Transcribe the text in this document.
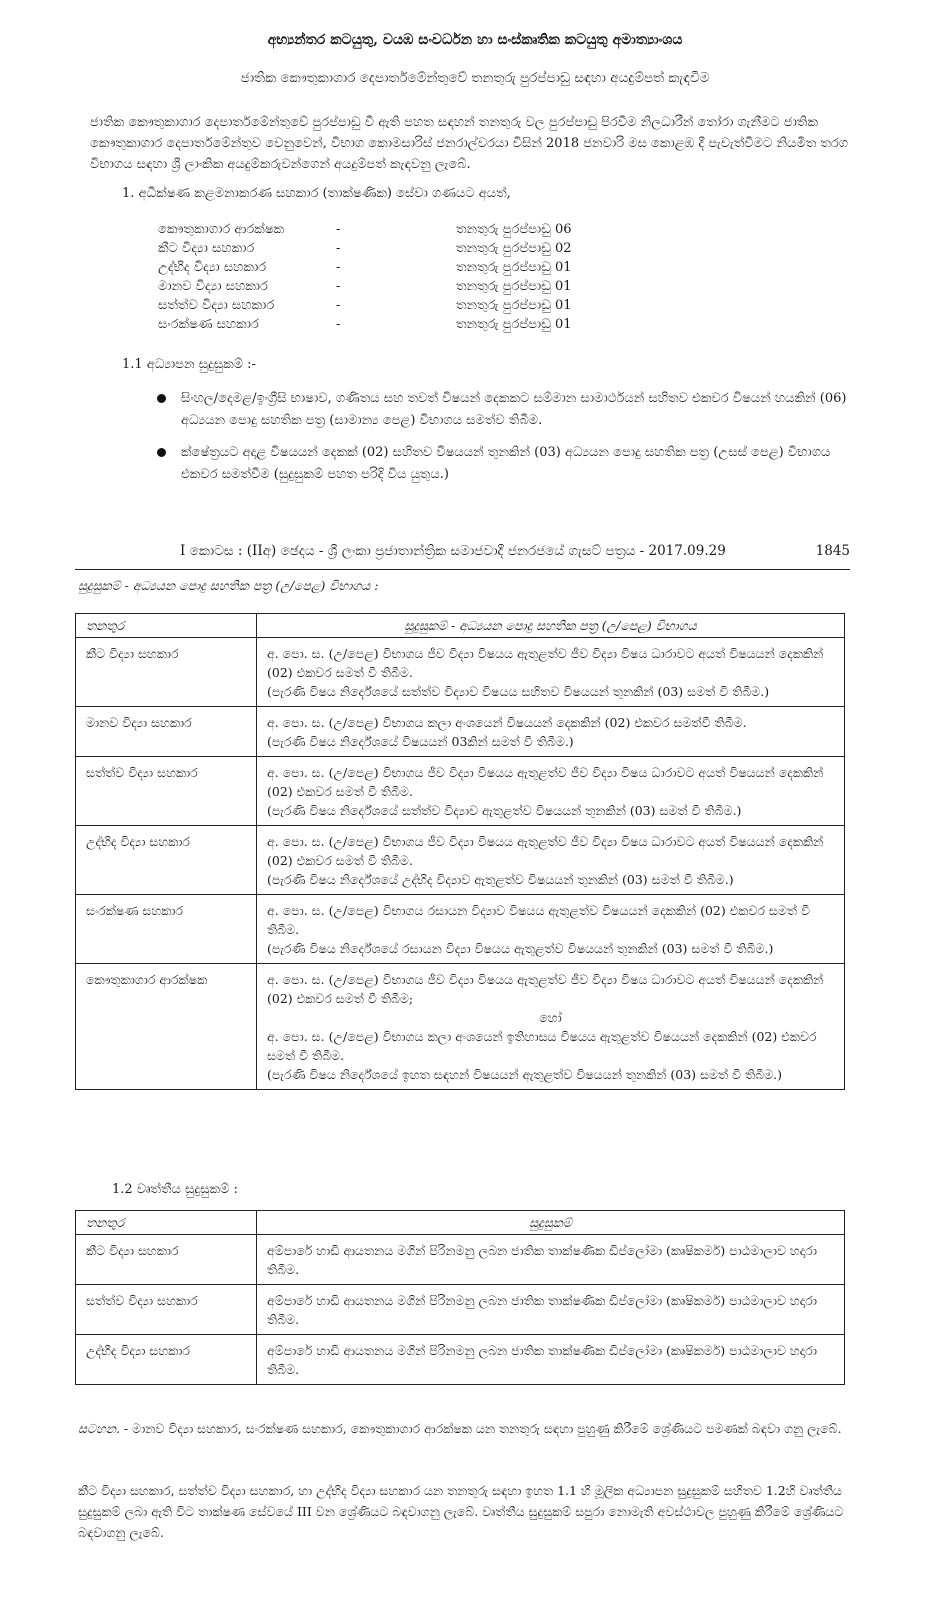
අභ්‍යන්තර කටයුතු, වයඹ සංවර්ධන හා සංස්කෘතික කටයුතු අමාත්‍යාංශය
ජාතික කෞතුකාගාර දෙපාර්තමේන්තුවේ තනතුරු පුරප්පාඩු සඳහා අයදුම්පත් කැඳවීම
ජාතික කෞතුකාගාර දෙපාර්තමේන්තුවේ පුරප්පාඩු වී ඇති පහත සඳහන් තනතුරු වල පුරප්පාඩු පිරවීම නිලධාරීන් තෝරා ගැනීමට ජාතික කෞතුකාගාර දෙපාර්තමේන්තුව වෙනුවෙන්, විභාග කොමසාරිස් ජනරාල්වරයා විසින් 2018 ජනවාරි මස කොළඹ දී පැවැත්වීමට නියමිත තරග විභාගය සඳහා ශ්‍රී ලාංකික අයදුම්කරුවන්ගෙන් අයදුම්පත් කැඳවනු ලැබේ.
1. අධීක්ෂණ කළමනාකරණ සහකාර (තාක්ෂණික) සේවා ගණයට අයත්,
කෞතුකාගාර ආරක්ෂක	-	තනතුරු පුරප්පාඩු 06
කීට විද්‍යා සහකාර	-	තනතුරු පුරප්පාඩු 02
උද්භිද විද්‍යා සහකාර	-	තනතුරු පුරප්පාඩු 01
මානව විද්‍යා සහකාර	-	තනතුරු පුරප්පාඩු 01
සත්ත්ව විද්‍යා සහකාර	-	තනතුරු පුරප්පාඩු 01
සංරක්ෂණ සහකාර	-	තනතුරු පුරප්පාඩු 01
1.1 අධ්‍යාපන සුදුසුකම් :-
සිංහල/දෙමළ/ඉංග්‍රීසි භාෂාව, ගණිතය සහ තවත් විෂයන් දෙකකට සම්මාන සාමාර්ථයන් සහිතව එකවර විෂයන් හයකින් (06) අධ්‍යයන පොදු සහතික පත්‍ර (සාමාන්‍ය පෙළ) විභාගය සමත්ව තිබීම.
ක්ෂේත්‍රයට අදාළ විෂයයන් දෙකක් (02) සහිතව විෂයයන් තුනකින් (03) අධ්‍යයන පොදු සහතික පත්‍ර (උසස් පෙළ) විභාගය එකවර සමත්වීම (සුදුසුකම් පහත පරිදි විය යුතුය.)
I කොටස : (IIඅ) ඡෙදය - ශ්‍රී ලංකා ප්‍රජාතාන්ත්‍රික සමාජවාදී ජනරජයේ ගැසට් පත්‍රය - 2017.09.29	1845
සුදුසුකම් - අධ්‍යයන පොදු සහතික පත්‍ර (උ/පෙළ) විභාගය :
තනතුර	සුදුසුකම් - අධ්‍යයන පොදු සහතික පත්‍ර (උ/පෙළ) විභාගය
කීට විද්‍යා සහකාර	අ. පො. ස. (උ/පෙළ) විභාගය ජීව විද්‍යා විෂයය ඇතුළත්ව ජීව විද්‍යා විෂය ධාරාවට අයත් විෂයයන් දෙකකින් (02) එකවර සමත් වී තිබීම.
(පැරණි විෂය නිර්දේශයේ සත්ත්ව විද්‍යාව විෂයය සහිතව විෂයයන් තුනකින් (03) සමත් වී තිබීම.)

මානව විද්‍යා සහකාර	අ. පො. ස. (උ/පෙළ) විභාගය කලා අංශයෙන් විෂයයන් දෙකකින් (02) එකවර සමත්වී තිබීම.
(පැරණි විෂය නිර්දේශයේ විෂයයන් 03කින් සමත් වී තිබීම.)

සත්ත්ව විද්‍යා සහකාර	අ. පො. ස. (උ/පෙළ) විභාගය ජීව විද්‍යා විෂයය ඇතුළත්ව ජීව විද්‍යා විෂය ධාරාවට අයත් විෂයයන් දෙකකින් (02) එකවර සමත් වී තිබීම.
(පැරණි විෂය නිර්දේශයේ සත්ත්ව විද්‍යාව ඇතුළත්ව විෂයයන් තුනකින් (03) සමත් වී තිබීම.)

උද්භිද විද්‍යා සහකාර	අ. පො. ස. (උ/පෙළ) විභාගය ජීව විද්‍යා විෂයය ඇතුළත්ව ජීව විද්‍යා විෂය ධාරාවට අයත් විෂයයන් දෙකකින් (02) එකවර සමත් වී තිබීම.
(පැරණි විෂය නිර්දේශයේ උද්භිද විද්‍යාව ඇතුළත්ව විෂයයන් තුනකින් (03) සමත් වී තිබීම.)

සංරක්ෂණ සහකාර	අ. පො. ස. (උ/පෙළ) විභාගය රසායන විද්‍යාව විෂයය ඇතුළත්ව විෂයයන් දෙකකින් (02) එකවර සමත් වී තිබීම.
(පැරණි විෂය නිර්දේශයේ රසායන විද්‍යා විෂයය ඇතුළත්ව විෂයයන් තුනකින් (03) සමත් වී තිබීම.)

කෞතුකාගාර ආරක්ෂක	අ. පො. ස. (උ/පෙළ) විභාගය ජීව විද්‍යා විෂයය ඇතුළත්ව ජීව විද්‍යා විෂය ධාරාවට අයත් විෂයයන් දෙකකින් (02) එකවර සමත් වී තිබීම;
හෝ
අ. පො. ස. (උ/පෙළ) විභාගය කලා අංශයෙන් ඉතිහාසය විෂයය ඇතුළත්ව විෂයයන් දෙකකින් (02) එකවර සමත් වී තිබීම.
(පැරණි විෂය නිර්දේශයේ ඉහත සඳහන් විෂයයන් ඇතුළත්ව විෂයයන් තුනකින් (03) සමත් වී තිබීම.)
1.2 වෘත්තීය සුදුසුකම් :
තනතුර	සුදුසුකම්
කීට විද්‍යා සහකාර	අම්පාරේ හාඩි ආයතනය මගින් පිරිනමනු ලබන ජාතික තාක්ෂණික ඩිප්ලෝමා (කෘෂිකර්ම) පාඨමාලාව හදාරා තිබීම.
සත්ත්ව විද්‍යා සහකාර	අම්පාරේ හාඩි ආයතනය මගින් පිරිනමනු ලබන ජාතික තාක්ෂණික ඩිප්ලෝමා (කෘෂිකර්ම) පාඨමාලාව හදාරා තිබීම.
උද්භිද විද්‍යා සහකාර	අම්පාරේ හාඩි ආයතනය මගින් පිරිනමනු ලබන ජාතික තාක්ෂණික ඩිප්ලෝමා (කෘෂිකර්ම) පාඨමාලාව හදාරා තිබීම.
සටහන. - මානව විද්‍යා සහකාර, සංරක්ෂණ සහකාර, කෞතුකාගාර ආරක්ෂක යන තනතුරු සඳහා පුහුණු කිරීමේ ශ්‍රේණියට පමණක් බඳවා ගනු ලැබේ.
කීට විද්‍යා සහකාර, සත්ත්ව විද්‍යා සහකාර, හා උද්භිද විද්‍යා සහකාර යන තනතුරු සඳහා ඉහත 1.1 හි මූලික අධ්‍යාපන සුදුසුකම් සහිතව 1.2හි වෘත්තීය සුදුසුකම් ලබා ඇති විට තාක්ෂණ සේවයේ III වන ශ්‍රේණියට බඳවාගනු ලැබේ. වෘත්තීය සුදුසුකම් සපුරා නොමැති අවස්ථාවල පුහුණු කිරීමේ ශ්‍රේණියට බඳවාගනු ලැබේ.
